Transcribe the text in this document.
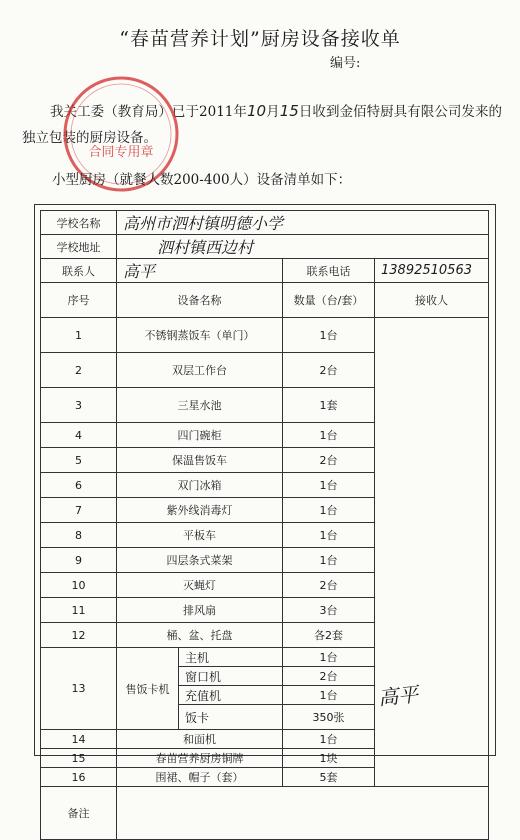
“春苗营养计划”厨房设备接收单
编号:
我关工委（教育局）已于2011年10月15日收到金佰特厨具有限公司发来的独立包装的厨房设备。
合同专用章
小型厨房（就餐人数200-400人）设备清单如下：
学校名称	高州市泗村镇明德小学			
学校地址	泗村镇西边村			
联系人	高平		联系电话	13892510563
序号	设备名称		数量（台/套）	接收人
1	不锈钢蒸饭车（单门）		1台	
2	双层工作台		2台	
3	三星水池		1套	
4	四门碗柜		1台	
5	保温售饭车		2台	
6	双门冰箱		1台	
7	紫外线消毒灯		1台	
8	平板车		1台	
9	四层条式菜架		1台	
10	灭蝇灯		2台	
11	排风扇		3台	
12	桶、盆、托盘		各2套	
13	售饭卡机	主机	1台	
		窗口机	2台	
		充值机	1台	
		饭卡	350张	
14	和面机		1台	
15	春苗营养厨房铜牌		1块	
16	围裙、帽子（套）		5套	
备注				
高平
